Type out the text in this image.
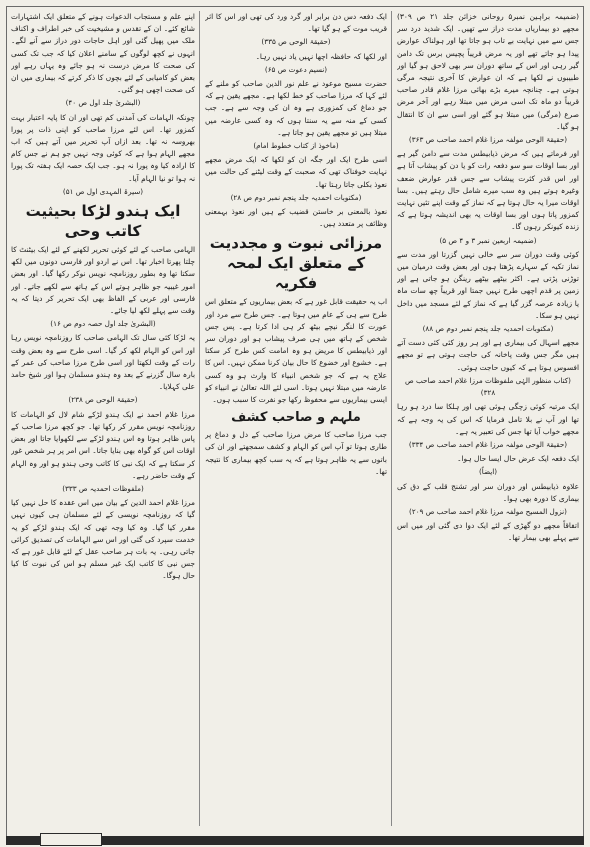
(ضمیمہ براہین نمبر۵ روحانی خزائن جلد ۲۱ ص ۳۰۹) مجھے دو بیماریاں مدت دراز سے تھیں۔ ایک شدید درد سر جس سے میں نہایت بے تاب ہو جاتا تھا اور ہولناک عوارض پیدا ہو جاتے تھے اور یہ مرض قریباً پچیس برس تک دامن گیر رہی اور اس کے ساتھ دوران سر بھی لاحق ہو گیا اور طبیبوں نے لکھا ہے کہ ان عوارض کا آخری نتیجہ مرگی ہوتی ہے۔ چنانچہ میرے بڑے بھائی مرزا غلام قادر صاحب قریباً دو ماہ تک اسی مرض میں مبتلا رہے اور آخر مرض صرع (مرگی) میں مبتلا ہو گئے اور اسی سے ان کا انتقال ہو گیا۔

(حقیقۃ الوحی مولفہ مرزا غلام احمد صاحب ص ۳۶۳)

اور فرماتے ہیں کہ مرض ذیابیطس مدت سے دامن گیر ہے اور بسا اوقات سو سو دفعہ رات کو یا دن کو پیشاب آتا ہے اور اس قدر کثرت پیشاب سے جس قدر عوارض ضعف وغیرہ ہوتے ہیں وہ سب میرے شامل حال رہتے ہیں۔ بسا اوقات میرا یہ حال ہوتا ہے کہ نماز کے وقت اپنے تئیں نہایت کمزور پاتا ہوں اور بسا اوقات یہ بھی اندیشہ ہوتا ہے کہ زندہ کیونکر رہوں گا۔

(ضمیمہ اربعین نمبر ۳ و ۴ ص ۵)

کوئی وقت دوران سر سے خالی نہیں گزرتا اور مدت سے نماز تکیہ کے سہارے پڑھتا ہوں اور بعض وقت درمیان میں توڑنی پڑتی ہے۔ اکثر بیٹھے بیٹھے رینگن ہو جاتی ہے اور زمین پر قدم اچھی طرح نہیں جمتا اور قریباً چھ سات ماہ یا زیادہ عرصہ گزر گیا ہے کہ نماز کے لئے مسجد میں داخل نہیں ہو سکا۔

(مکتوبات احمدیہ جلد پنجم نمبر دوم ص ۸۸)

مجھے اسہال کی بیماری ہے اور ہر روز کئی کئی دست آتے ہیں مگر جس وقت پاخانہ کی حاجت ہوتی ہے تو مجھے افسوس ہوتا ہے کہ کیوں حاجت ہوئی۔

(کتاب منظور الہٰی ملفوظات مرزا غلام احمد صاحب ص ۳۲۸)

ایک مرتبہ کوئی زچگی ہوئی تھی اور ہلکا سا درد ہو رہا تھا اور آپ نے بلا تامل فرمایا کہ اس کی یہ وجہ ہے کہ مجھے خواب آیا تھا جس کی تعبیر یہ ہے۔

(حقیقۃ الوحی مولفہ مرزا غلام احمد صاحب ص ۳۳۴)

ایک دفعہ ایک عرض حال ایسا حال ہوا۔

(ایضاً)

علاوہ ذیابیطس اور دوران سر اور تشنج قلب کے دق کی بیماری کا دورہ بھی ہوا۔

(نزول المسیح مولفہ مرزا غلام احمد صاحب ص ۲۰۹)

اتفاقاً مجھے دو گھڑی کے لئے ایک دوا دی گئی اور میں اس سے پہلے بھی بیمار تھا۔

ایک دفعہ دس دن برابر اور گرد ورد کی تھی اور اس کا اثر قریب موت کے ہو گیا تھا۔

(حقیقۃ الوحی ص ۳۳۵)

اور لکھا کہ حافظہ اچھا نہیں یاد نہیں رہا۔

(نسیم دعوت ص ۶۵)

حضرت مسیح موعود نے علم نور الدین صاحب کو ملنے کے لئے کہا کہ مرزا صاحب کو خط لکھا ہے۔ مجھے یقین ہے کہ جو دماغ کی کمزوری ہے وہ ان کی وجہ سے ہے۔ جب کسی کے منہ سے یہ سنتا ہوں کہ وہ کسی عارضہ میں مبتلا ہیں تو مجھے یقین ہو جاتا ہے۔

(ماخوذ از کتاب خطوط امام)

اسی طرح ایک اور جگہ ان کو لکھا کہ ایک مرض مجھے نہایت خوفناک تھی کہ صحبت کے وقت لیٹنے کی حالت میں نعوذ بکلی جاتا رہتا تھا۔

(مکتوبات احمدیہ جلد پنجم نمبر دوم ص ۲۸)

نعوذ بالمعنی بر خاستن قضیب کے ہیں اور نعوذ بہمعنی وظائف پر متعدد ہیں۔

مرزائی نبوت و مجددیت کے متعلق ایک لمحہ فکریہ

اب یہ حقیقت قابل غور ہے کہ بعض بیماریوں کے متعلق اس طرح سے ہی کے عام میں ہوتا ہے۔ جس طرح سے مرد اور عورت کا لنگر نیچے بیٹھ کر ہی ادا کرتا ہے۔ پس جس شخص کے ہاتھ میں ہی صرف پیشاب ہو اور دوران سر اور ذیابیطس کا مریض ہو وہ امامت کس طرح کر سکتا ہے۔ خشوع اور خضوع کا حال بیان کرنا ممکن نہیں۔ اس کا علاج یہ ہے کہ جو شخص انبیاء کا وارث ہو وہ کسی عارضہ میں مبتلا نہیں ہوتا۔ اسی لئے اللہ تعالیٰ نے انبیاء کو ایسی بیماریوں سے محفوظ رکھا جو نفرت کا سبب ہوں۔

ملہم و صاحب کشف

جب مرزا صاحب کا مرض مرزا صاحب کے دل و دماغ پر طاری ہوتا تو آپ اس کو الہام و کشف سمجھتے اور ان کی باتوں سے یہ ظاہر ہوتا ہے کہ یہ سب کچھ بیماری کا نتیجہ تھا۔

اپنے علم و مستجاب الدعوات ہونے کے متعلق ایک اشتہارات شائع کئے۔ ان کے تقدس و مشیخیت کی خبر اطراف و اکناف ملک میں پھیل گئی اور اہل حاجات دور دراز سے آنے لگے۔ انہوں نے کچھ لوگوں کے سامنے اعلان کیا کہ جب تک کسی کی صحت کا مرض درست نہ ہو جائے وہ یہاں رہے اور بعض کو کامیابی کے لئے بچوں کا ذکر کرتے کہ بیماری میں ان کی صحت اچھی ہو گئی۔

(البشریٰ جلد اول ص ۴۰)

چونکہ الہامات کی آمدنی کم تھی اور ان کا پایہ اعتبار بہت کمزور تھا۔ اس لئے مرزا صاحب کو اپنی ذات پر پورا بھروسہ نہ تھا۔ بعد ازاں آپ تحریر میں آتے ہیں کہ اب مجھے الہام ہوا ہے کہ کوئی وجہ نہیں جو ہم نے جس کام کا ارادہ کیا وہ پورا نہ ہو۔ جب ایک حصہ ایک ہفتہ تک پورا نہ ہوا تو نیا الہام آیا۔

(سیرۃ المہدی اول ص ۵۱)

ایک ہندو لڑکا بحیثیت کاتب وحی

الہامی صاحب کے لئے کوئی تحریر لکھنے کے لئے ایک بیٹنٹ کا چلتا پھرتا اخبار تھا۔ اس نے اردو اور فارسی دونوں میں لکھ سکتا تھا وہ بطور روزنامچہ نویس نوکر رکھا گیا۔ اور بعض امور غیبیہ جو ظاہر ہوتے اس کے ہاتھ سے لکھے جاتے۔ اور فارسی اور عربی کے الفاظ بھی ایک تحریر کر دیتا کہ یہ وقت سے پہلے لکھ لیا جائے۔

(البشریٰ جلد اول حصہ دوم ص ۱۶)

یہ لڑکا کئی سال تک الہامی صاحب کا روزنامچہ نویس رہا اور اس کو الہام لکھ کر گیا۔ اسی طرح سے وہ بعض وقت رات کے وقت لکھتا اور اسی طرح مرزا صاحب کی عمر کے بارہ سال گزرنے کے بعد وہ ہندو مسلمان ہوا اور شیخ حامد علی کہلایا۔

(حقیقۃ الوحی ص ۲۳۸)

مرزا غلام احمد نے ایک ہندو لڑکے شام لال کو الہامات کا روزنامچہ نویس مقرر کر رکھا تھا۔ جو کچھ مرزا صاحب کے پاس ظاہر ہوتا وہ اس ہندو لڑکے سے لکھوایا جاتا اور بعض اوقات اس کو گواہ بھی بنایا جاتا۔ اس امر پر ہر شخص غور کر سکتا ہے کہ ایک نبی کا کاتب وحی ہندو ہو اور وہ الہام کے وقت حاضر رہے۔

(ملفوظات احمدیہ ص ۳۳۳)

مرزا غلام احمد الدین کے بیان میں اس عقدہ کا حل نہیں کیا گیا کہ روزنامچہ نویسی کے لئے مسلمان ہی کیوں نہیں مقرر کیا گیا۔ وہ کیا وجہ تھی کہ ایک ہندو لڑکے کو یہ خدمت سپرد کی گئی اور اس سے الہامات کی تصدیق کرائی جاتی رہی۔ یہ بات ہر صاحب عقل کے لئے قابل غور ہے کہ جس نبی کا کاتب ایک غیر مسلم ہو اس کی نبوت کا کیا حال ہوگا۔
